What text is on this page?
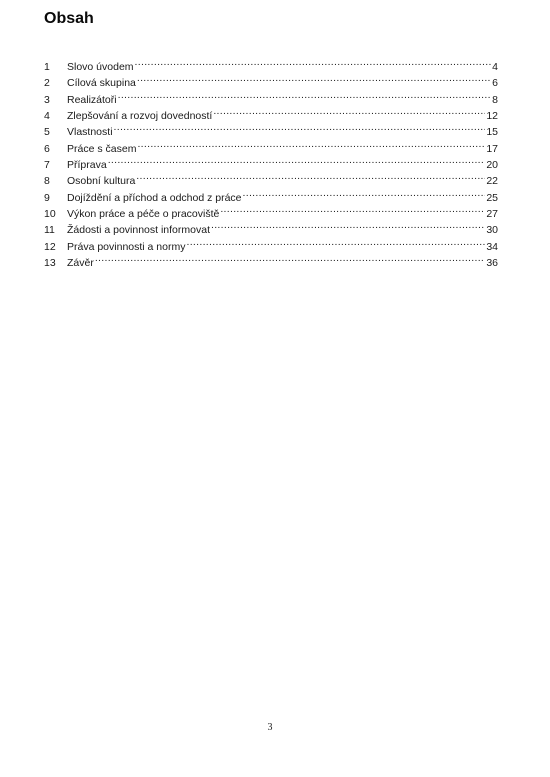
Obsah
1	Slovo úvodem .....	4
2	Cílová skupina .....	6
3	Realizátoři .....	8
4	Zlepšování a rozvoj dovedností .....	12
5	Vlastnosti .....	15
6	Práce s časem .....	17
7	Příprava .....	20
8	Osobní kultura .....	22
9	Dojíždění a příchod a odchod z práce .....	25
10	Výkon práce a péče o pracoviště .....	27
11	Žádosti a povinnost informovat .....	30
12	Práva povinnosti a normy .....	34
13	Závěr .....	36
3
